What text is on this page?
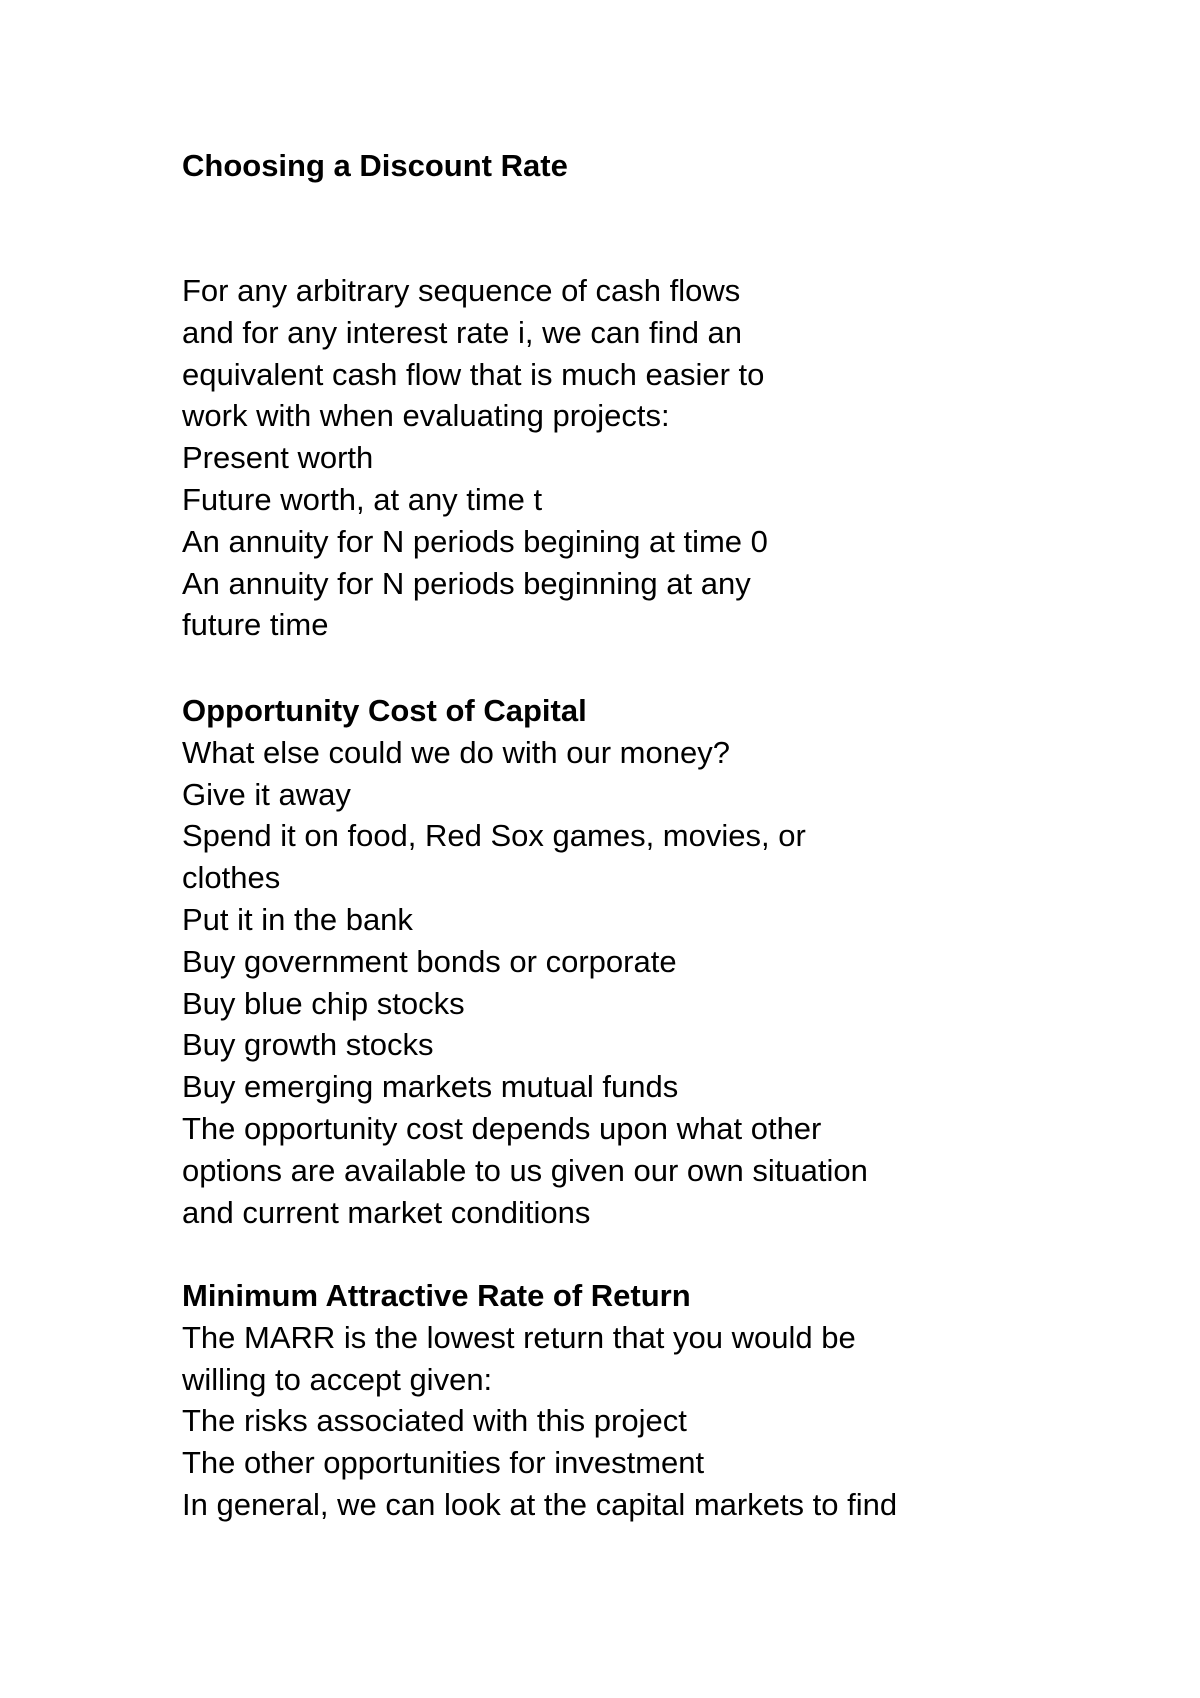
Choosing a Discount Rate
For any arbitrary sequence of cash flows
and for any interest rate i, we can find an
equivalent cash flow that is much easier to
work with when evaluating projects:
Present worth
Future worth, at any time t
An annuity for N periods begining at time 0
An annuity for N periods beginning at any
future time
Opportunity Cost of Capital
What else could we do with our money?
Give it away
Spend it on food, Red Sox games, movies, or
clothes
Put it in the bank
Buy government bonds or corporate
Buy blue chip stocks
Buy growth stocks
Buy emerging markets mutual funds
The opportunity cost depends upon what other
options are available to us given our own situation
and current market conditions
Minimum Attractive Rate of Return
The MARR is the lowest return that you would be
willing to accept given:
The risks associated with this project
The other opportunities for investment
In general, we can look at the capital markets to find
